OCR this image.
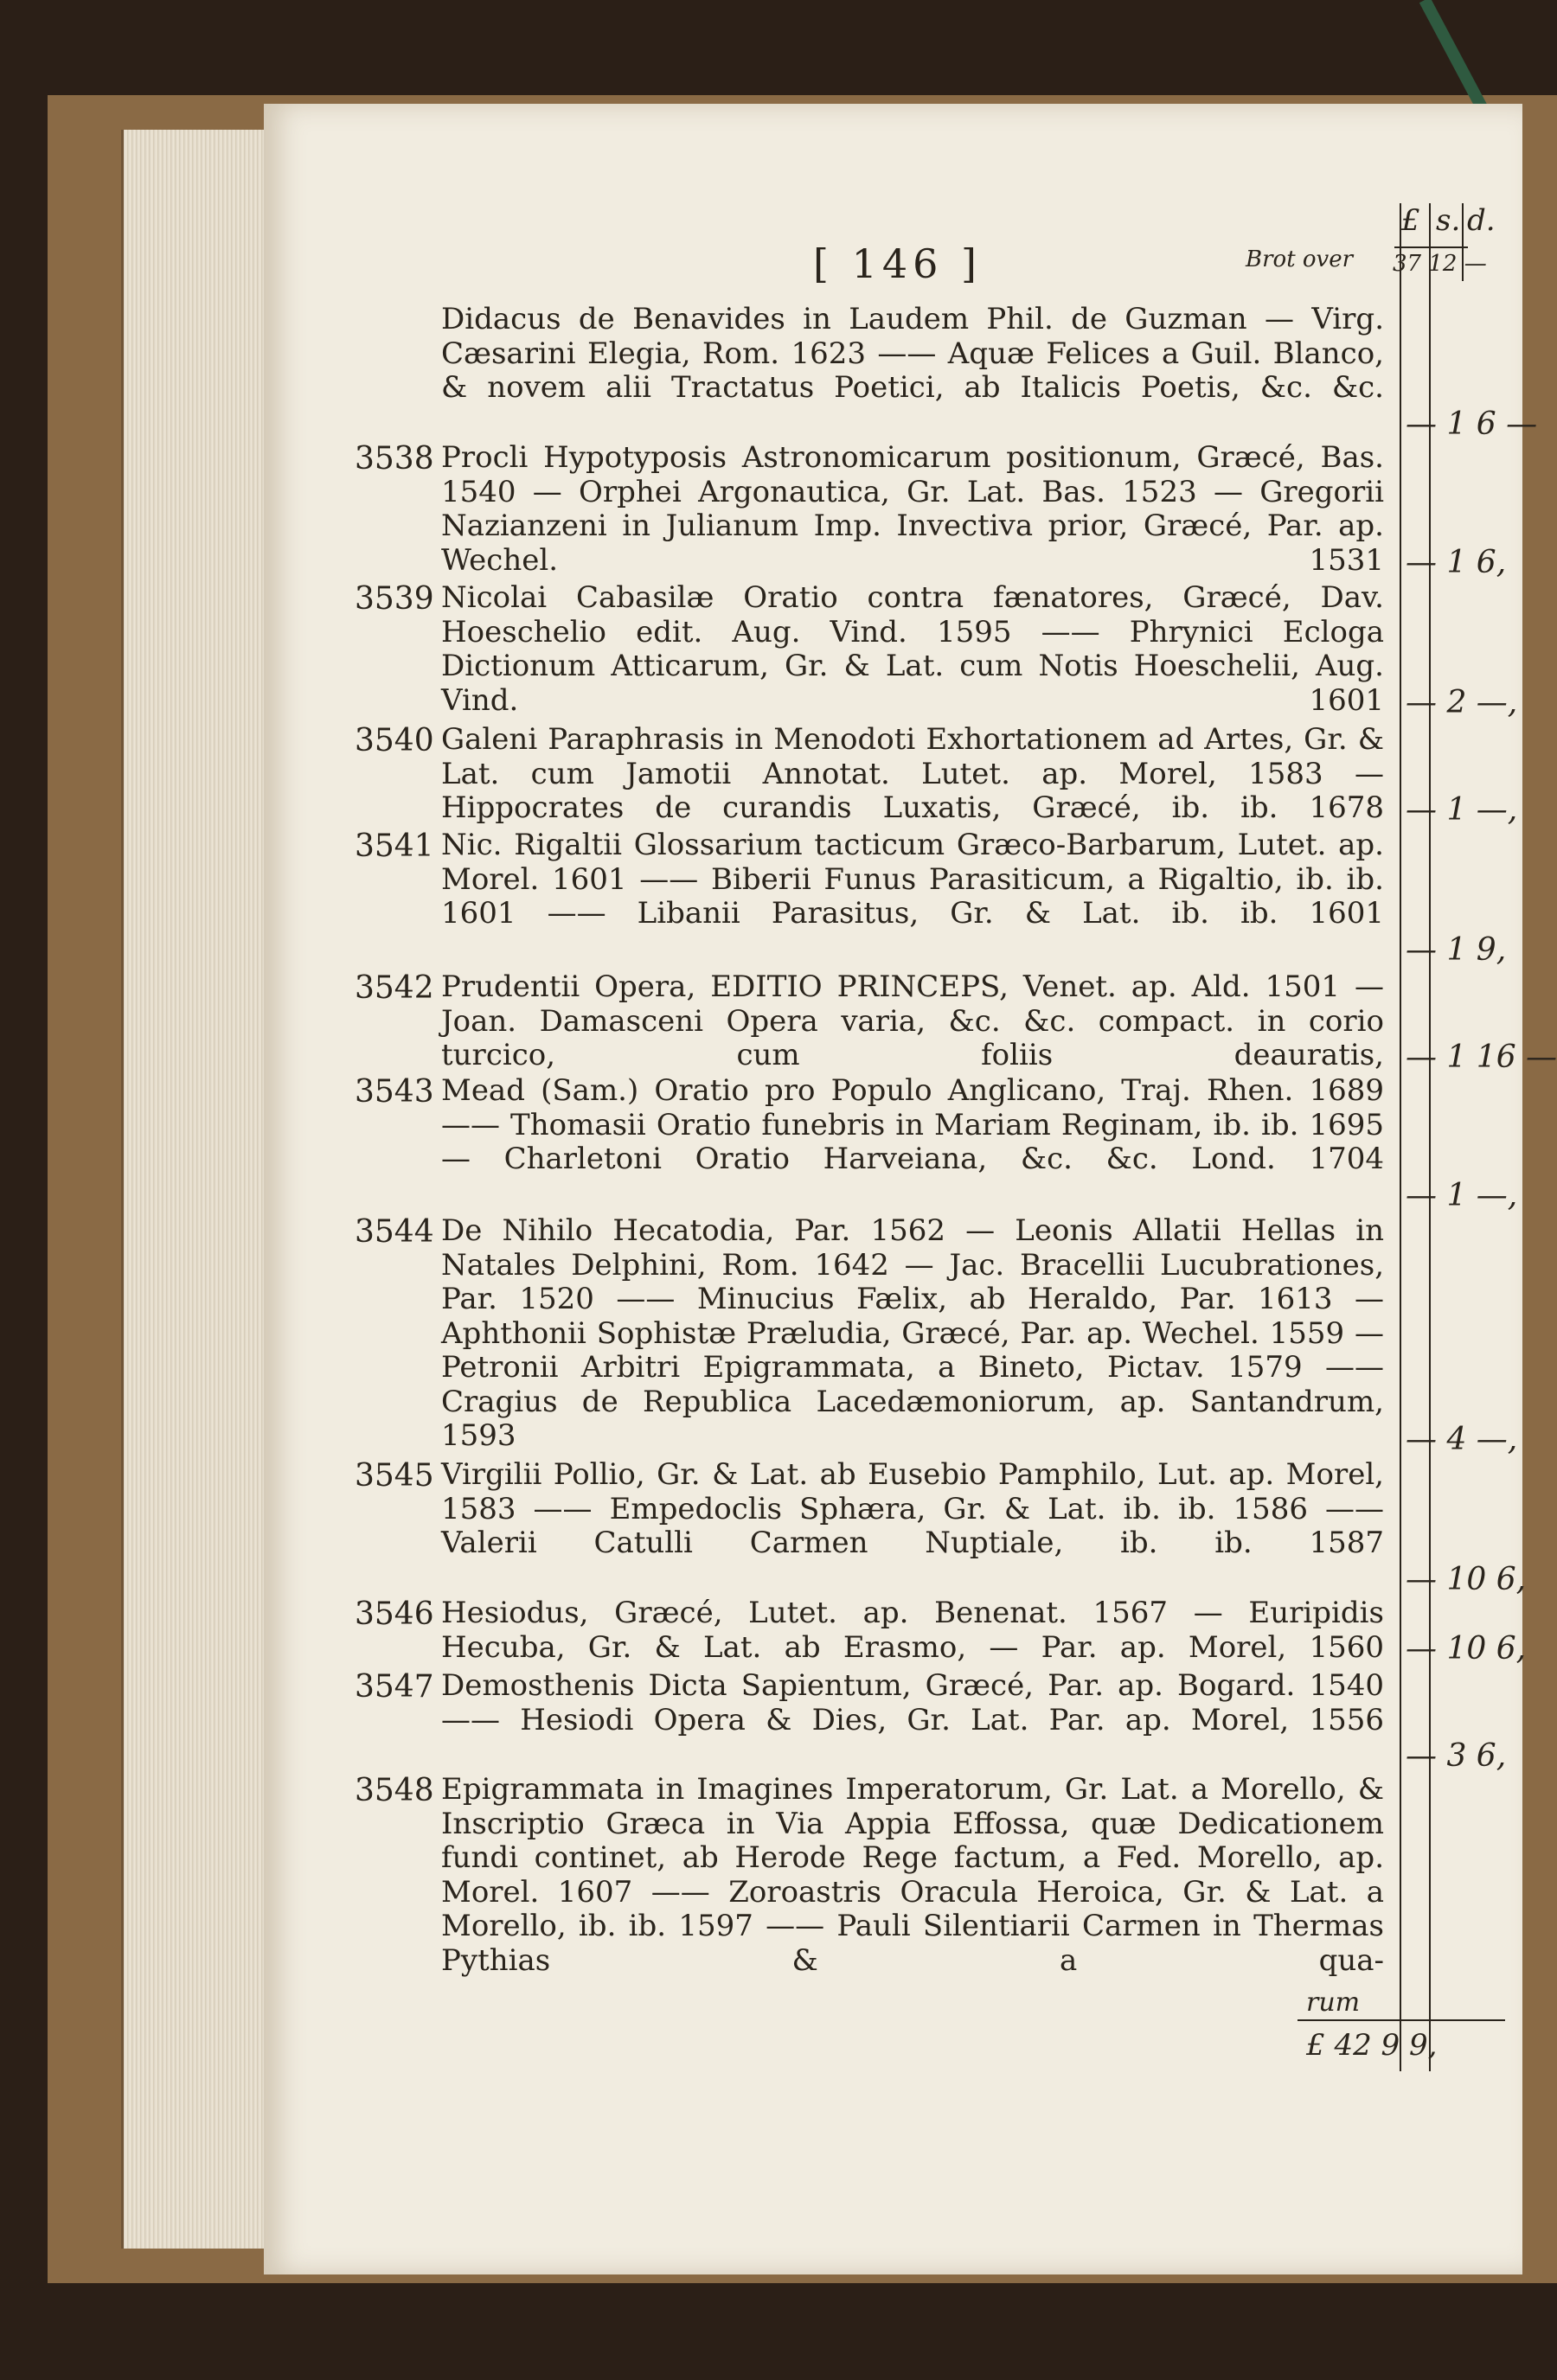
[ 146 ]	Brot over
£ s. d.
37 12 —
Didacus de Benavides in Laudem Phil. de Guzman — Virg. Cæsarini Elegia, Rom. 1623 —— Aquæ Felices a Guil. Blanco, & novem alii Tractatus Poetici, ab Italicis Poetis, &c. &c.
— 1 6 —
3538 Procli Hypotyposis Astronomicarum positionum, Græcé, Bas. 1540 — Orphei Argonautica, Gr. Lat. Bas. 1523 — Gregorii Nazianzeni in Julianum Imp. Invectiva prior, Græcé, Par. ap. Wechel. 1531 — 1 6,
3539 Nicolai Cabasilæ Oratio contra fænatores, Græcé, Dav. Hoeschelio edit. Aug. Vind. 1595 —— Phrynici Ecloga Dictionum Atticarum, Gr. & Lat. cum Notis Hoeschelii, Aug. Vind. 1601 — 2 —,
3540 Galeni Paraphrasis in Menodoti Exhortationem ad Artes, Gr. & Lat. cum Jamotii Annotat. Lutet. ap. Morel, 1583 — Hippocrates de curandis Luxatis, Græcé, ib. ib. 1678 — 1 —,
3541 Nic. Rigaltii Glossarium tacticum Græco-Barbarum, Lutet. ap. Morel. 1601 —— Biberii Funus Parasiticum, a Rigaltio, ib. ib. 1601 —— Libanii Parasitus, Gr. & Lat. ib. ib. 1601
— 1 9,
3542 Prudentii Opera, EDITIO PRINCEPS, Venet. ap. Ald. 1501 — Joan. Damasceni Opera varia, &c. &c. compact. in corio turcico, cum foliis deauratis, — 1 16 —
3543 Mead (Sam.) Oratio pro Populo Anglicano, Traj. Rhen. 1689 —— Thomasii Oratio funebris in Mariam Reginam, ib. ib. 1695 — Charletoni Oratio Harveiana, &c. &c. Lond. 1704
— 1 —,
3544 De Nihilo Hecatodia, Par. 1562 — Leonis Allatii Hellas in Natales Delphini, Rom. 1642 — Jac. Bracellii Lucubrationes, Par. 1520 —— Minucius Fælix, ab Heraldo, Par. 1613 — Aphthonii Sophistæ Præludia, Græcé, Par. ap. Wechel. 1559 — Petronii Arbitri Epigrammata, a Bineto, Pictav. 1579 —— Cragius de Republica Lacedæmoniorum, ap. Santandrum, 1593	— 4 —,
3545 Virgilii Pollio, Gr. & Lat. ab Eusebio Pamphilo, Lut. ap. Morel, 1583 —— Empedoclis Sphæra, Gr. & Lat. ib. ib. 1586 —— Valerii Catulli Carmen Nuptiale, ib. ib. 1587
— 10 6,
3546 Hesiodus, Græcé, Lutet. ap. Benenat. 1567 — Euripidis Hecuba, Gr. & Lat. ab Erasmo, — Par. ap. Morel, 1560 — 10 6,
3547 Demosthenis Dicta Sapientum, Græcé, Par. ap. Bogard. 1540 —— Hesiodi Opera & Dies, Gr. Lat. Par. ap. Morel, 1556
— 3 6,
3548 Epigrammata in Imagines Imperatorum, Gr. Lat. a Morello, & Inscriptio Græca in Via Appia Effossa, quæ Dedicationem fundi continet, ab Herode Rege factum, a Fed. Morello, ap. Morel. 1607 —— Zoroastris Oracula Heroica, Gr. & Lat. a Morello, ib. ib. 1597 —— Pauli Silentiarii Carmen in Thermas Pythias & a qua-
rum
£ 42 9 9,
